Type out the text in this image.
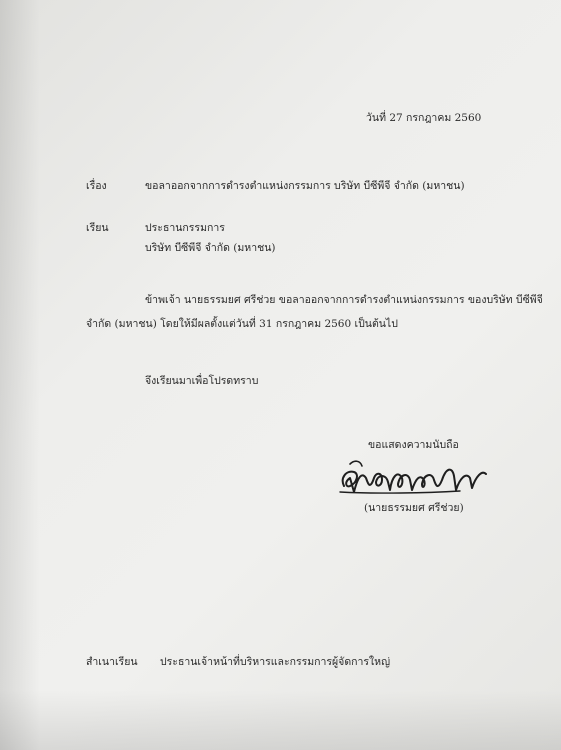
วันที่ 27 กรกฎาคม 2560
เรื่อง	ขอลาออกจากการดำรงตำแหน่งกรรมการ บริษัท บีซีพีจี จำกัด (มหาชน)
เรียน	ประธานกรรมการ
บริษัท บีซีพีจี จำกัด (มหาชน)
ข้าพเจ้า นายธรรมยศ ศรีช่วย ขอลาออกจากการดำรงตำแหน่งกรรมการ ของบริษัท บีซีพีจี
จำกัด (มหาชน) โดยให้มีผลตั้งแต่วันที่ 31 กรกฎาคม 2560 เป็นต้นไป
จึงเรียนมาเพื่อโปรดทราบ
ขอแสดงความนับถือ
(นายธรรมยศ ศรีช่วย)
สำเนาเรียน ประธานเจ้าหน้าที่บริหารและกรรมการผู้จัดการใหญ่
